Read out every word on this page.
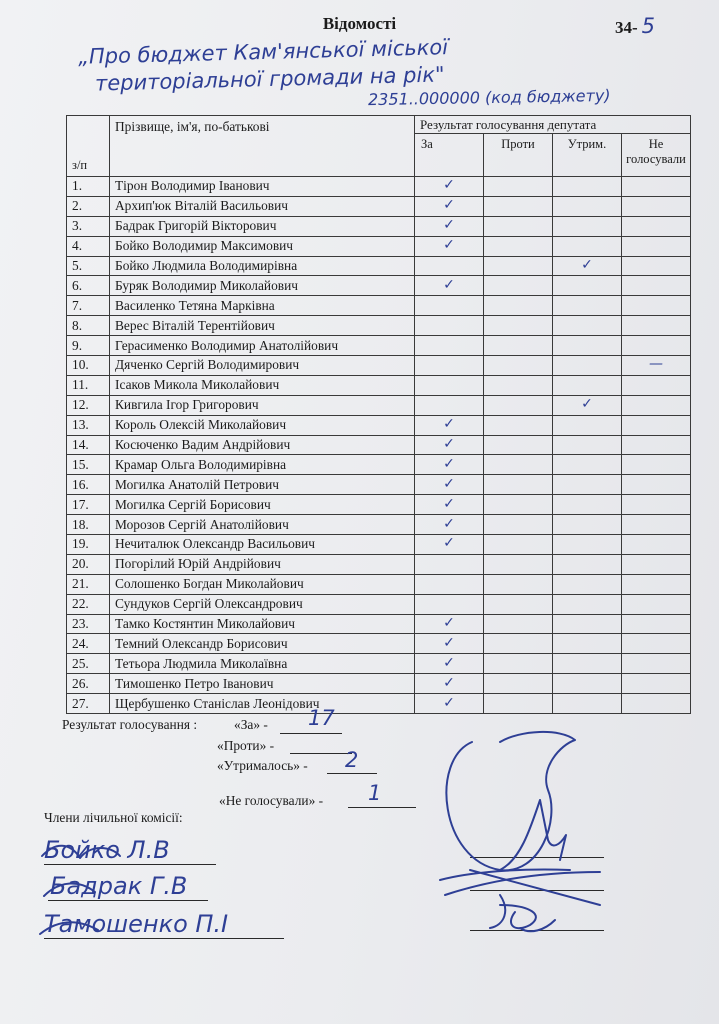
Відомості	34- 5
„Про бюджет Кам'янської міської
територіальної громади на рік"
2351..000000 (код бюджету)
з/п	Прізвище, ім'я, по-батькові	Результат голосування депутата			
		За	Проти	Утрим.	Не голосували
1.	Тірон Володимир Іванович	✓			
2.	Архип'юк Віталій Васильович	✓			
3.	Бадрак Григорій Вікторович	✓			
4.	Бойко Володимир Максимович	✓			
5.	Бойко Людмила Володимирівна			✓	
6.	Буряк Володимир Миколайович	✓			
7.	Василенко Тетяна Марківна				
8.	Верес Віталій Терентійович				
9.	Герасименко Володимир Анатолійович				
10.	Дяченко Сергій Володимирович				—
11.	Ісаков Микола Миколайович				
12.	Кивгила Ігор Григорович			✓	
13.	Король Олексій Миколайович	✓			
14.	Косюченко Вадим Андрійович	✓			
15.	Крамар Ольга Володимирівна	✓			
16.	Могилка Анатолій Петрович	✓			
17.	Могилка Сергій Борисович	✓			
18.	Морозов Сергій Анатолійович	✓			
19.	Нечиталюк Олександр Васильович	✓			
20.	Погорілий Юрій Андрійович				
21.	Солошенко Богдан Миколайович				
22.	Сундуков Сергій Олександрович				
23.	Тамко Костянтин Миколайович	✓			
24.	Темний Олександр Борисович	✓			
25.	Тетьора Людмила Миколаївна	✓			
26.	Тимошенко Петро Іванович	✓			
27.	Щербушенко Станіслав Леонідович	✓			
Результат голосування :	«За» - 17
«Проти» -
«Утрималось» - 2
«Не голосували» - 1
Члени лічильної комісії:
Бойко Л.В
Бадрак Г.В
Тамошенко П.І
